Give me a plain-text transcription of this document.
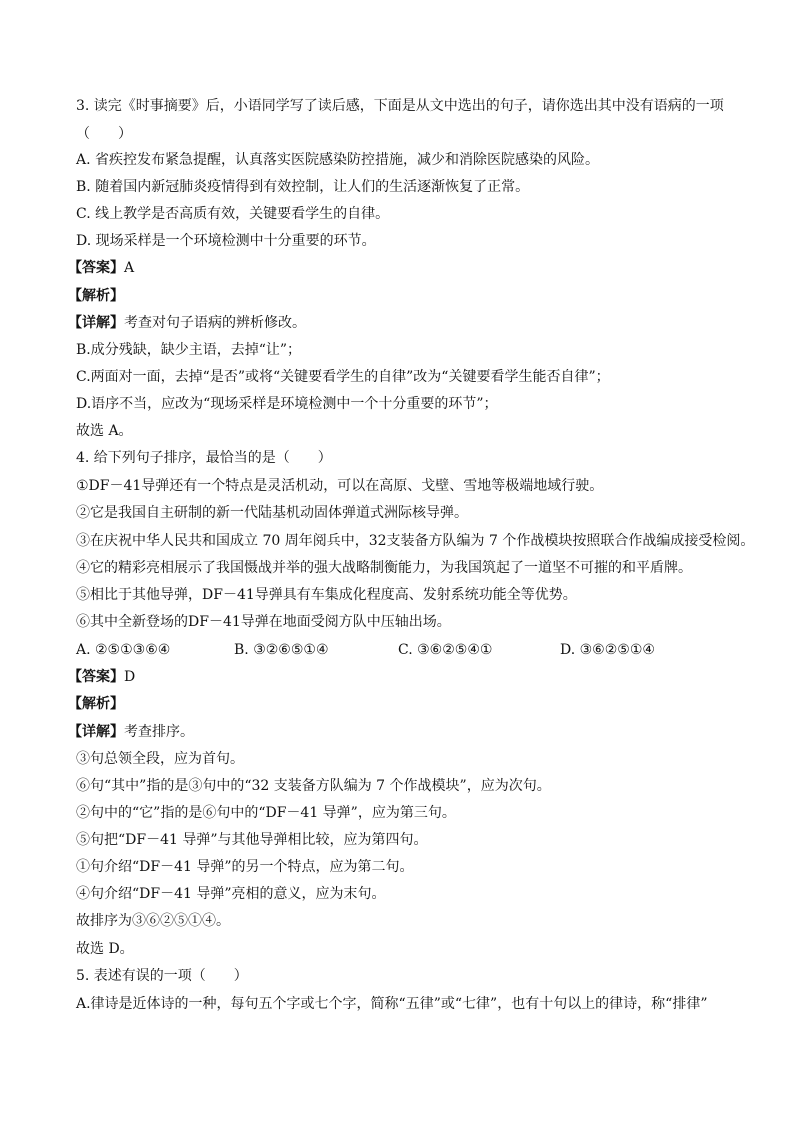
3. 读完《时事摘要》后，小语同学写了读后感，下面是从文中选出的句子，请你选出其中没有语病的一项
（　　）
A. 省疾控发布紧急提醒，认真落实医院感染防控措施，减少和消除医院感染的风险。
B. 随着国内新冠肺炎疫情得到有效控制，让人们的生活逐渐恢复了正常。
C. 线上教学是否高质有效，关键要看学生的自律。
D. 现场采样是一个环境检测中十分重要的环节。
【答案】A
【解析】
【详解】考查对句子语病的辨析修改。
B.成分残缺，缺少主语，去掉“让”；
C.两面对一面，去掉“是否”或将“关键要看学生的自律”改为“关键要看学生能否自律”；
D.语序不当，应改为“现场采样是环境检测中一个十分重要的环节”；
故选 A。
4. 给下列句子排序，最恰当的是（　　）
①DF－41导弹还有一个特点是灵活机动，可以在高原、戈壁、雪地等极端地域行驶。
②它是我国自主研制的新一代陆基机动固体弹道式洲际核导弹。
③在庆祝中华人民共和国成立 70 周年阅兵中，32支装备方队编为 7 个作战模块按照联合作战编成接受检阅。
④它的精彩亮相展示了我国慑战并举的强大战略制衡能力，为我国筑起了一道坚不可摧的和平盾牌。
⑤相比于其他导弹，DF－41导弹具有车集成化程度高、发射系统功能全等优势。
⑥其中全新登场的DF－41导弹在地面受阅方队中压轴出场。
A. ②⑤①③⑥④	B. ③②⑥⑤①④	C. ③⑥②⑤④①	D. ③⑥②⑤①④
【答案】D
【解析】
【详解】考查排序。
③句总领全段，应为首句。
⑥句“其中”指的是③句中的“32 支装备方队编为 7 个作战模块”，应为次句。
②句中的“它”指的是⑥句中的“DF－41 导弹”，应为第三句。
⑤句把“DF－41 导弹”与其他导弹相比较，应为第四句。
①句介绍“DF－41 导弹”的另一个特点，应为第二句。
④句介绍“DF－41 导弹”亮相的意义，应为末句。
故排序为③⑥②⑤①④。
故选 D。
5. 表述有误的一项（　　）
A.律诗是近体诗的一种，每句五个字或七个字，简称“五律”或“七律”，也有十句以上的律诗，称“排律”
